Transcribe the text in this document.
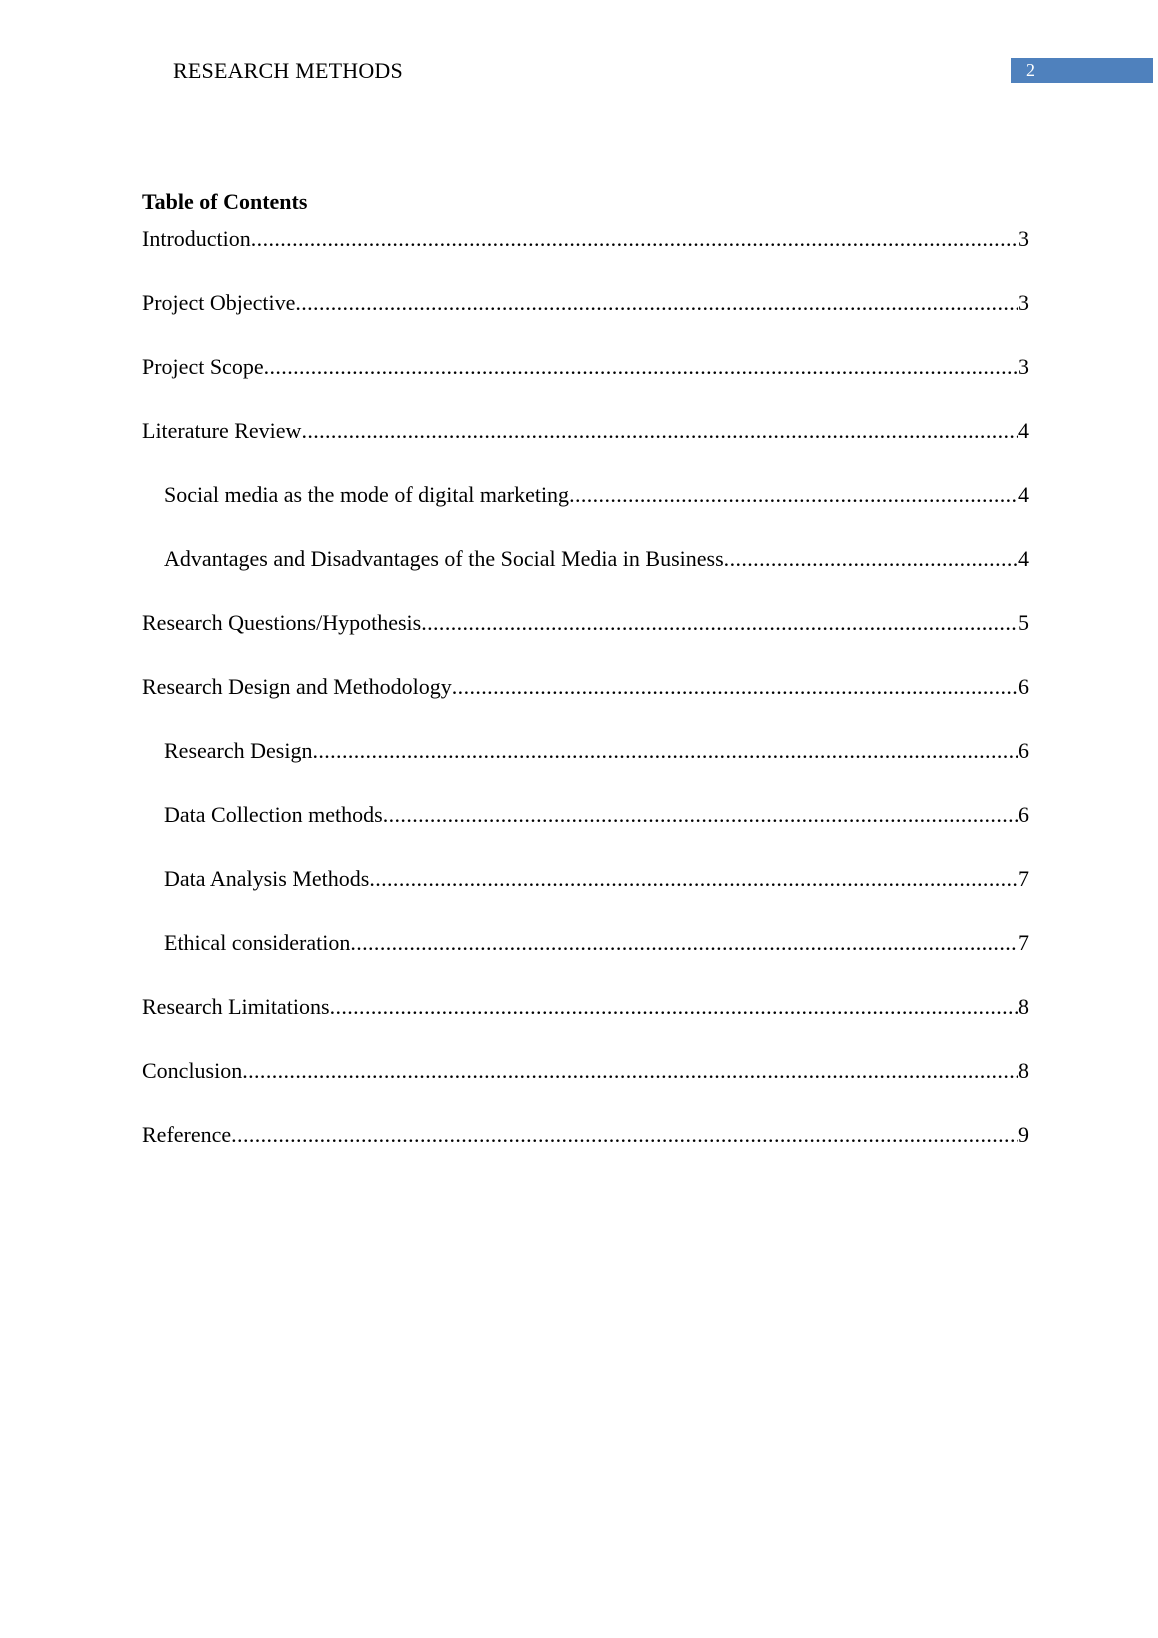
RESEARCH METHODS	2
Table of Contents
Introduction .....	3
Project Objective .....	3
Project Scope .....	3
Literature Review .....	4
Social media as the mode of digital marketing .....	4
Advantages and Disadvantages of the Social Media in Business .....	4
Research Questions/Hypothesis .....	5
Research Design and Methodology .....	6
Research Design .....	6
Data Collection methods .....	6
Data Analysis Methods .....	7
Ethical consideration .....	7
Research Limitations .....	8
Conclusion .....	8
Reference .....	9
